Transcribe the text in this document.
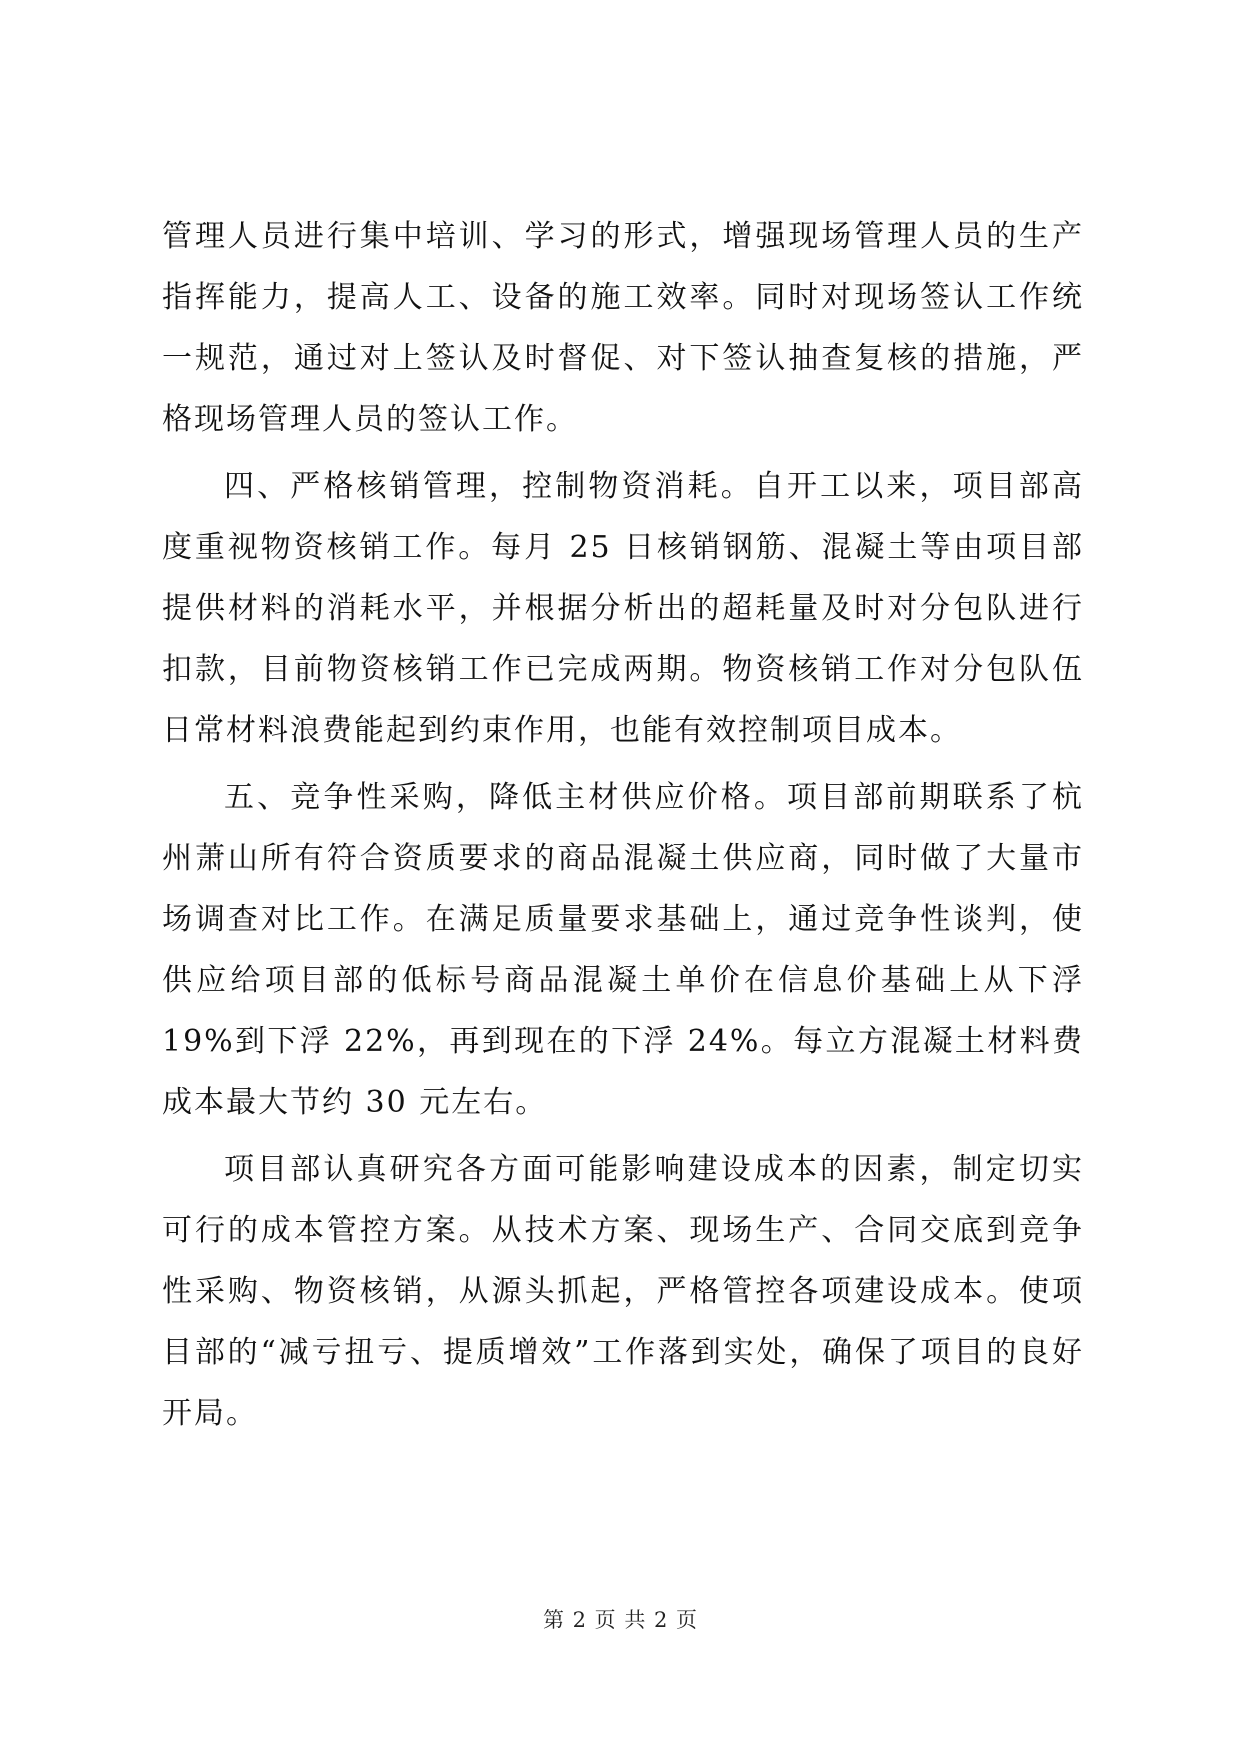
管理人员进行集中培训、学习的形式，增强现场管理人员的生产指挥能力，提高人工、设备的施工效率。同时对现场签认工作统一规范，通过对上签认及时督促、对下签认抽查复核的措施，严格现场管理人员的签认工作。

四、严格核销管理，控制物资消耗。自开工以来，项目部高度重视物资核销工作。每月 25 日核销钢筋、混凝土等由项目部提供材料的消耗水平，并根据分析出的超耗量及时对分包队进行扣款，目前物资核销工作已完成两期。物资核销工作对分包队伍日常材料浪费能起到约束作用，也能有效控制项目成本。

五、竞争性采购，降低主材供应价格。项目部前期联系了杭州萧山所有符合资质要求的商品混凝土供应商，同时做了大量市场调查对比工作。在满足质量要求基础上，通过竞争性谈判，使供应给项目部的低标号商品混凝土单价在信息价基础上从下浮 19%到下浮 22%，再到现在的下浮 24%。每立方混凝土材料费成本最大节约 30 元左右。

项目部认真研究各方面可能影响建设成本的因素，制定切实可行的成本管控方案。从技术方案、现场生产、合同交底到竞争性采购、物资核销，从源头抓起，严格管控各项建设成本。使项目部的“减亏扭亏、提质增效”工作落到实处，确保了项目的良好开局。

第 2 页 共 2 页
